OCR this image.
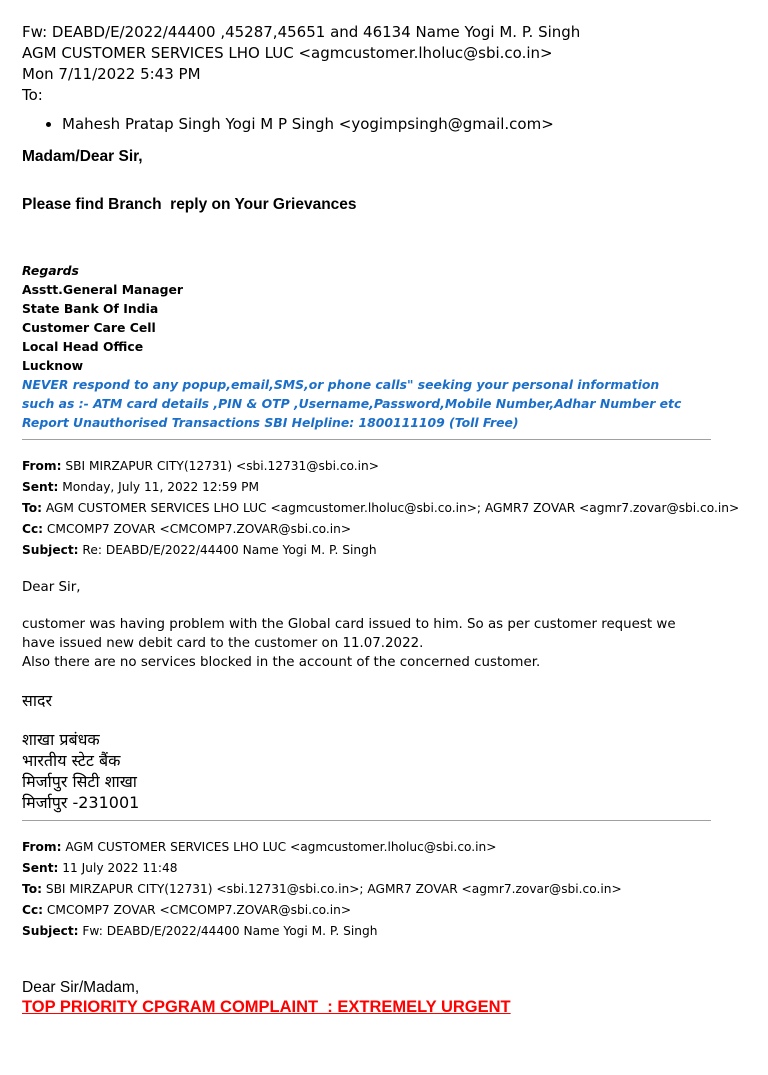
Fw: DEABD/E/2022/44400 ,45287,45651 and 46134 Name Yogi M. P. Singh
AGM CUSTOMER SERVICES LHO LUC <agmcustomer.lholuc@sbi.co.in>
Mon 7/11/2022 5:43 PM
To:
• Mahesh Pratap Singh Yogi M P Singh <yogimpsingh@gmail.com>
Madam/Dear Sir,
Please find Branch  reply on Your Grievances
Regards
Asstt.General Manager
State Bank Of India
Customer Care Cell
Local Head Office
Lucknow
NEVER respond to any popup,email,SMS,or phone calls" seeking your personal information
such as :- ATM card details ,PIN & OTP ,Username,Password,Mobile Number,Adhar Number etc
Report Unauthorised Transactions SBI Helpline: 1800111109 (Toll Free)
From: SBI MIRZAPUR CITY(12731) <sbi.12731@sbi.co.in>
Sent: Monday, July 11, 2022 12:59 PM
To: AGM CUSTOMER SERVICES LHO LUC <agmcustomer.lholuc@sbi.co.in>; AGMR7 ZOVAR <agmr7.zovar@sbi.co.in>
Cc: CMCOMP7 ZOVAR <CMCOMP7.ZOVAR@sbi.co.in>
Subject: Re: DEABD/E/2022/44400 Name Yogi M. P. Singh
Dear Sir,
customer was having problem with the Global card issued to him. So as per customer request we have issued new debit card to the customer on 11.07.2022.
Also there are no services blocked in the account of the concerned customer.
सादर
शाखा प्रबंधक
भारतीय स्टेट बैंक
मिर्जापुर सिटी शाखा
मिर्जापुर -231001
From: AGM CUSTOMER SERVICES LHO LUC <agmcustomer.lholuc@sbi.co.in>
Sent: 11 July 2022 11:48
To: SBI MIRZAPUR CITY(12731) <sbi.12731@sbi.co.in>; AGMR7 ZOVAR <agmr7.zovar@sbi.co.in>
Cc: CMCOMP7 ZOVAR <CMCOMP7.ZOVAR@sbi.co.in>
Subject: Fw: DEABD/E/2022/44400 Name Yogi M. P. Singh
Dear Sir/Madam,
TOP PRIORITY CPGRAM COMPLAINT  : EXTREMELY URGENT
